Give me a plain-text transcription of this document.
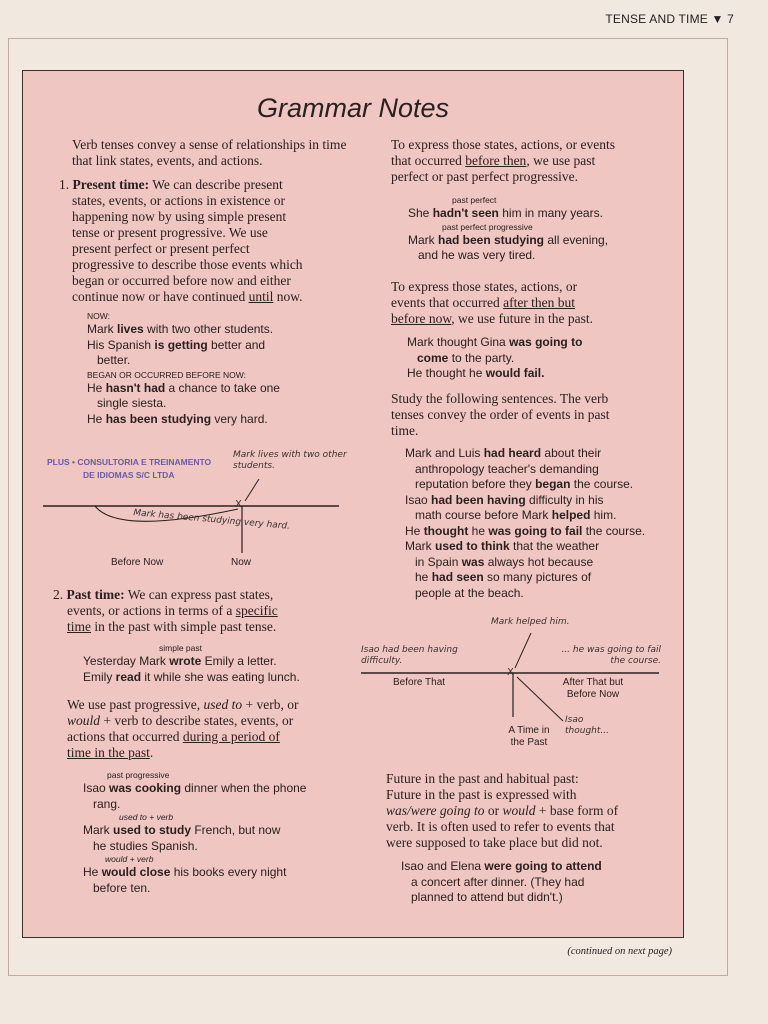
TENSE AND TIME ▼ 7
Grammar Notes
Verb tenses convey a sense of relationships in time that link states, events, and actions.
1. Present time: We can describe present
states, events, or actions in existence or
happening now by using simple present
tense or present progressive. We use
present perfect or present perfect
progressive to describe those events which
began or occurred before now and either
continue now or have continued until now.
NOW:
Mark lives with two other students.
His Spanish is getting better and
better.
BEGAN OR OCCURRED BEFORE NOW:
He hasn't had a chance to take one
single siesta.
He has been studying very hard.
PLUS • CONSULTORIA E TREINAMENTO
DE IDIOMAS S/C LTDA
Mark lives with two other students.
X
Mark has been studying very hard.
Before Now	Now
2. Past time: We can express past states,
events, or actions in terms of a specific
time in the past with simple past tense.
simple past
Yesterday Mark wrote Emily a letter.
Emily read it while she was eating lunch.
We use past progressive, used to + verb, or
would + verb to describe states, events, or
actions that occurred during a period of
time in the past.
past progressive
Isao was cooking dinner when the phone
rang.
used to + verb
Mark used to study French, but now
he studies Spanish.
would + verb
He would close his books every night
before ten.
To express those states, actions, or events
that occurred before then, we use past
perfect or past perfect progressive.
past perfect
She hadn't seen him in many years.
past perfect progressive
Mark had been studying all evening,
and he was very tired.
To express those states, actions, or
events that occurred after then but
before now, we use future in the past.
Mark thought Gina was going to
come to the party.
He thought he would fail.
Study the following sentences. The verb
tenses convey the order of events in past
time.
Mark and Luis had heard about their
anthropology teacher's demanding
reputation before they began the course.
Isao had been having difficulty in his
math course before Mark helped him.
He thought he was going to fail the course.
Mark used to think that the weather
in Spain was always hot because
he had seen so many pictures of
people at the beach.
Mark helped him.
Isao had been having difficulty.
... he was going to fail the course.
X
Before That	After That but Before Now
A Time in the Past
Isao thought...
Future in the past and habitual past:
Future in the past is expressed with
was/were going to or would + base form of
verb. It is often used to refer to events that
were supposed to take place but did not.
Isao and Elena were going to attend
a concert after dinner. (They had
planned to attend but didn't.)
(continued on next page)
